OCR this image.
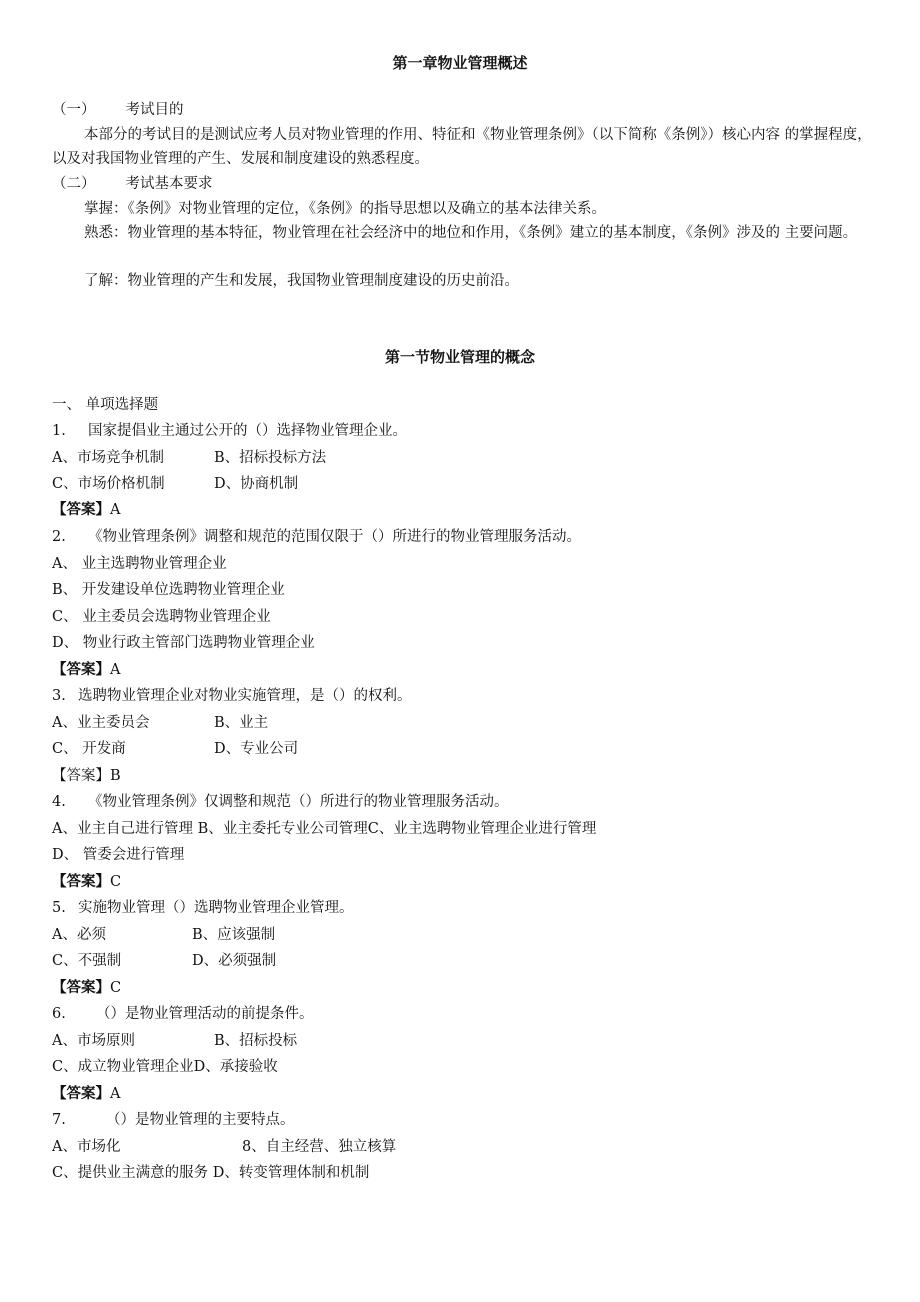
第一章物业管理概述
（一） 考试目的
本部分的考试目的是测试应考人员对物业管理的作用、特征和《物业管理条例》（以下简称《条例》）核心内容 的掌握程度，以及对我国物业管理的产生、发展和制度建设的熟悉程度。
（二） 考试基本要求
掌握：《条例》对物业管理的定位，《条例》的指导思想以及确立的基本法律关系。
熟悉：物业管理的基本特征，物业管理在社会经济中的地位和作用，《条例》建立的基本制度，《条例》涉及的 主要问题。
了解：物业管理的产生和发展，我国物业管理制度建设的历史前沿。
第一节物业管理的概念
一、 单项选择题
1. 国家提倡业主通过公开的（）选择物业管理企业。
A、市场竞争机制	B、招标投标方法
C、市场价格机制	D、协商机制
【答案】A
2. 《物业管理条例》调整和规范的范围仅限于（）所进行的物业管理服务活动。
A、 业主选聘物业管理企业
B、 开发建设单位选聘物业管理企业
C、 业主委员会选聘物业管理企业
D、 物业行政主管部门选聘物业管理企业
【答案】A
3. 选聘物业管理企业对物业实施管理，是（）的权利。
A、业主委员会	B、业主
C、 开发商	D、专业公司
【答案】B
4. 《物业管理条例》仅调整和规范（）所进行的物业管理服务活动。
A、业主自己进行管理 B、业主委托专业公司管理C、业主选聘物业管理企业进行管理
D、 管委会进行管理
【答案】C
5. 实施物业管理（）选聘物业管理企业管理。
A、必须	B、应该强制
C、不强制	D、必须强制
【答案】C
6. （）是物业管理活动的前提条件。
A、市场原则	B、招标投标
C、成立物业管理企业D、承接验收
【答案】A
7.	（）是物业管理的主要特点。
A、市场化	8、自主经营、独立核算
C、提供业主满意的服务 D、转变管理体制和机制
